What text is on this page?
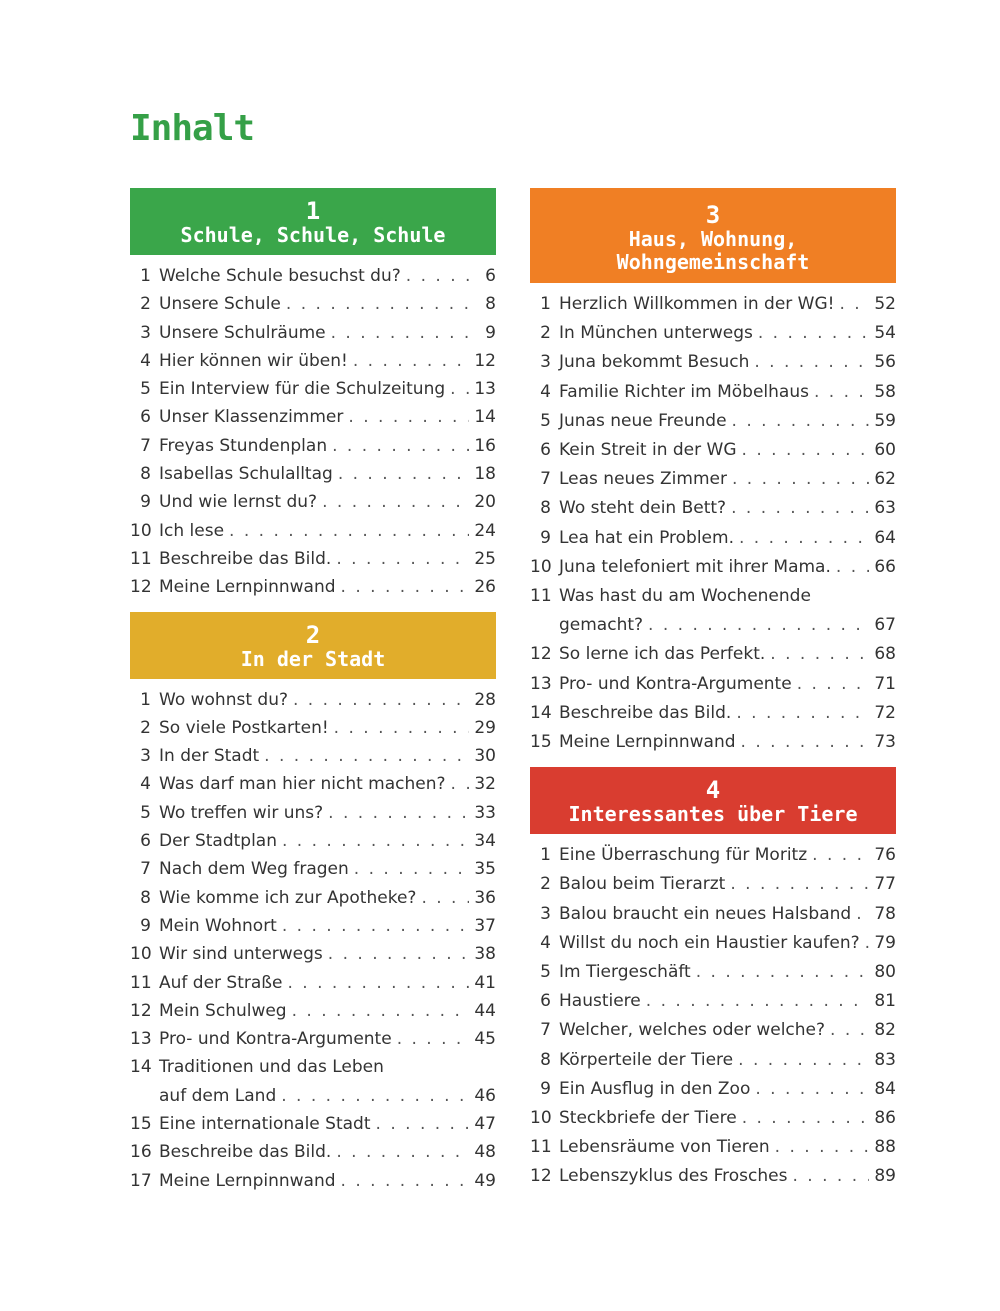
Inhalt
1
Schule, Schule, Schule
1 Welche Schule besuchst du? . . .	6
2 Unsere Schule . . .	8
3 Unsere Schulräume . . .	9
4 Hier können wir üben! . . .	12
5 Ein Interview für die Schulzeitung . . . 13
6 Unser Klassenzimmer . . .	14
7 Freyas Stundenplan . . .	16
8 Isabellas Schulalltag . . .	18
9 Und wie lernst du? . . .	20
10 Ich lese . . .	24
11 Beschreibe das Bild. . . .	25
12 Meine Lernpinnwand . . .	26
2
In der Stadt
1 Wo wohnst du? . . .	28
2 So viele Postkarten! . . .	29
3 In der Stadt . . .	30
4 Was darf man hier nicht machen? . . . 32
5 Wo treffen wir uns? . . .	33
6 Der Stadtplan . . .	34
7 Nach dem Weg fragen . . .	35
8 Wie komme ich zur Apotheke? . . .	36
9 Mein Wohnort . . .	37
10 Wir sind unterwegs . . .	38
11 Auf der Straße . . .	41
12 Mein Schulweg . . .	44
13 Pro- und Kontra-Argumente . . .	45
14 Traditionen und das Leben
auf dem Land . . .	46
15 Eine internationale Stadt . . .	47
16 Beschreibe das Bild. . . .	48
17 Meine Lernpinnwand . . .	49
3
Haus, Wohnung, Wohngemeinschaft
1 Herzlich Willkommen in der WG! . . . 52
2 In München unterwegs . . .	54
3 Juna bekommt Besuch . . .	56
4 Familie Richter im Möbelhaus . . .	58
5 Junas neue Freunde . . .	59
6 Kein Streit in der WG . . .	60
7 Leas neues Zimmer . . .	62
8 Wo steht dein Bett? . . .	63
9 Lea hat ein Problem. . . .	64
10 Juna telefoniert mit ihrer Mama. . . .	66
11 Was hast du am Wochenende
gemacht? . . .	67
12 So lerne ich das Perfekt. . . .	68
13 Pro- und Kontra-Argumente . . .	71
14 Beschreibe das Bild. . . .	72
15 Meine Lernpinnwand . . .	73
4
Interessantes über Tiere
1 Eine Überraschung für Moritz . . .	76
2 Balou beim Tierarzt . . .	77
3 Balou braucht ein neues Halsband . . . 78
4 Willst du noch ein Haustier kaufen? . . . 79
5 Im Tiergeschäft . . .	80
6 Haustiere . . .	81
7 Welcher, welches oder welche? . . .	82
8 Körperteile der Tiere . . .	83
9 Ein Ausflug in den Zoo . . .	84
10 Steckbriefe der Tiere . . .	86
11 Lebensräume von Tieren . . .	88
12 Lebenszyklus des Frosches . . .	89
